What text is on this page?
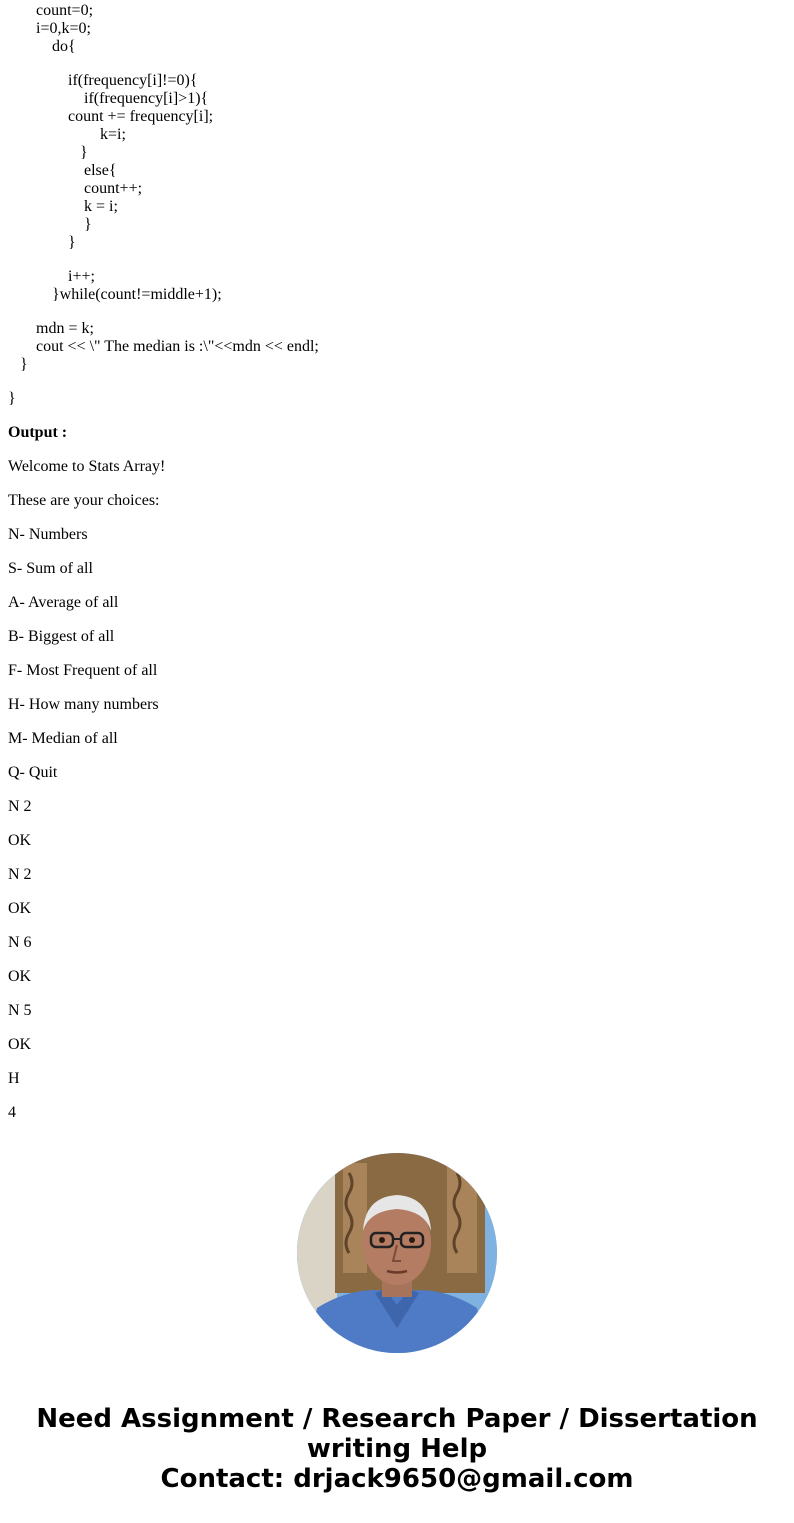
count=0;
i=0,k=0;
do{
if(frequency[i]!=0){
if(frequency[i]>1){
count += frequency[i];
k=i;
}
else{
count++;
k = i;
}
}
i++;
}while(count!=middle+1);
mdn = k;
cout << \" The median is :\"<<mdn << endl;
}
}
Output :
Welcome to Stats Array!
These are your choices:
N- Numbers
S- Sum of all
A- Average of all
B- Biggest of all
F- Most Frequent of all
H- How many numbers
M- Median of all
Q- Quit
N 2
OK
N 2
OK
N 6
OK
N 5
OK
H
4
Need Assignment / Research Paper / Dissertation
writing Help
Contact: drjack9650@gmail.com
